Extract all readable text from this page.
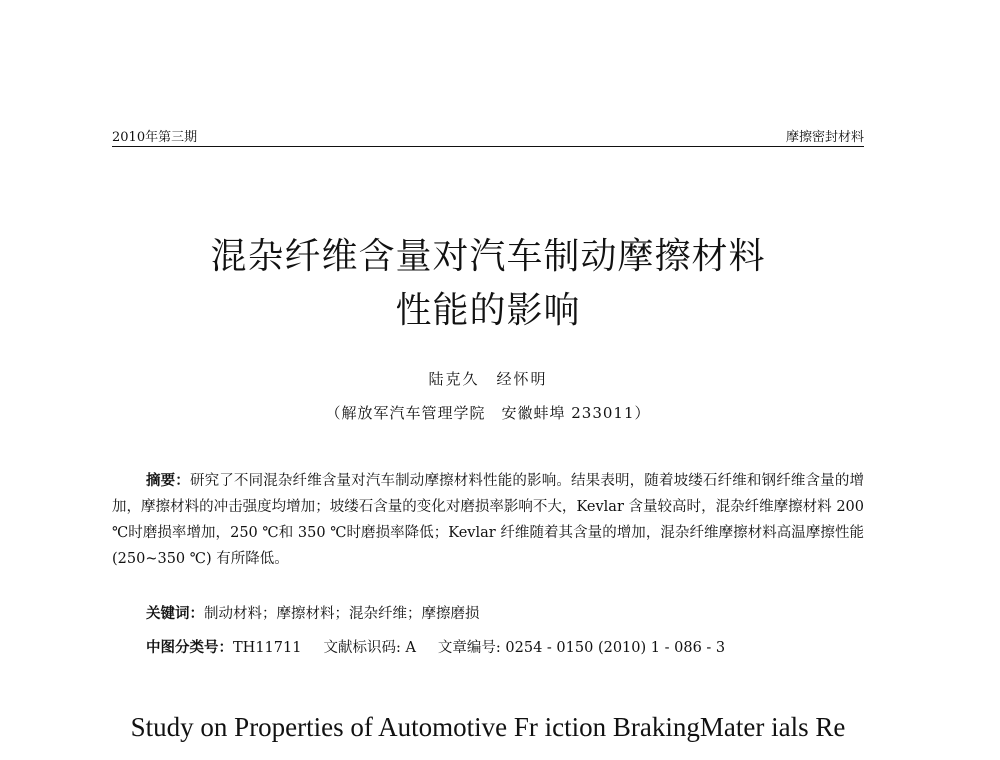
2010年第三期	摩擦密封材料
混杂纤维含量对汽车制动摩擦材料
性能的影响
陆克久　经怀明
（解放军汽车管理学院　安徽蚌埠 233011）

摘要：研究了不同混杂纤维含量对汽车制动摩擦材料性能的影响。结果表明，随着坡缕石纤维和钢纤维含量的增加，摩擦材料的冲击强度均增加；坡缕石含量的变化对磨损率影响不大，Kevlar 含量较高时，混杂纤维摩擦材料 200 ℃时磨损率增加，250 ℃和 350 ℃时磨损率降低；Kevlar 纤维随着其含量的增加，混杂纤维摩擦材料高温摩擦性能(250~350 ℃) 有所降低。

关键词：制动材料；摩擦材料；混杂纤维；摩擦磨损
中图分类号：TH11711 文献标识码: A 文章编号: 0254 - 0150 (2010) 1 - 086 - 3
Study on Properties of Automotive Fr iction BrakingMater ials Re
